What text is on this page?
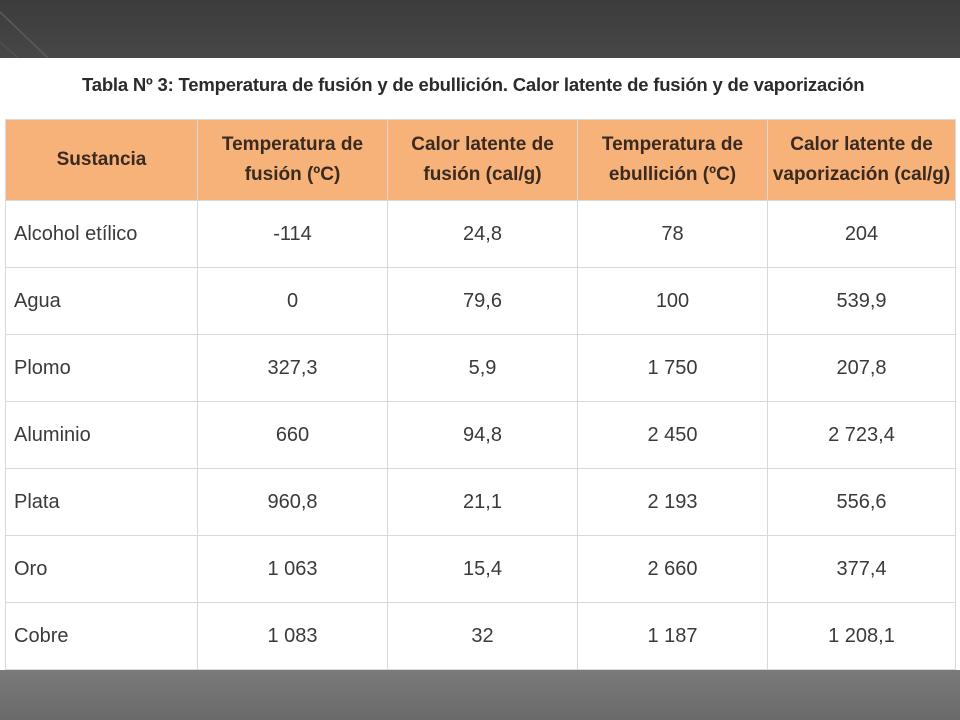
Tabla Nº 3: Temperatura de fusión y de ebullición. Calor latente de fusión y de vaporización
Sustancia	Temperatura de fusión (ºC)	Calor latente de fusión (cal/g)	Temperatura de ebullición (ºC)	Calor latente de vaporización (cal/g)
Alcohol etílico	-114	24,8	78	204
Agua	0	79,6	100	539,9
Plomo	327,3	5,9	1 750	207,8
Aluminio	660	94,8	2 450	2 723,4
Plata	960,8	21,1	2 193	556,6
Oro	1 063	15,4	2 660	377,4
Cobre	1 083	32	1 187	1 208,1
